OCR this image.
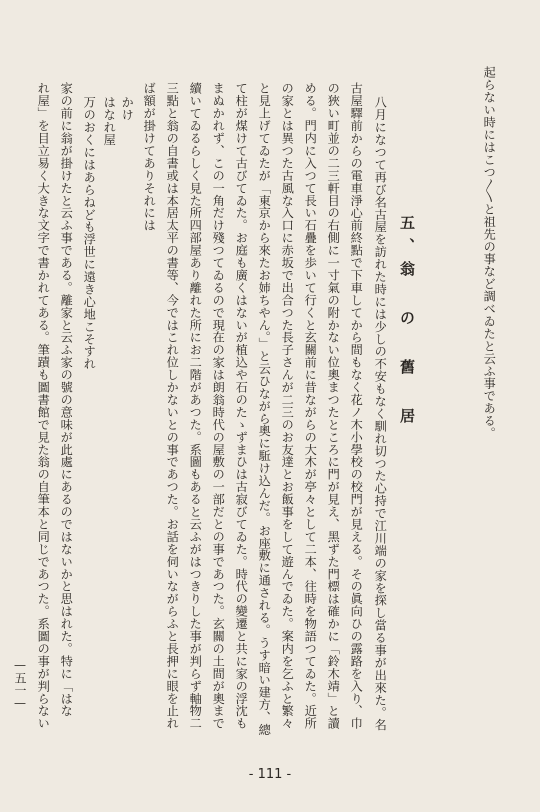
起らない時にはこつ〳〵と祖先の事など調べゐたと云ふ事である。
五、翁 の 舊 居
八月になつて再び名古屋を訪れた時には少しの不安もなく馴れ切つた心持で江川端の家を探し當る事が出來た。名
古屋驛前からの電車淨心前終點で下車してから間もなく花ノ木小學校の校門が見える。その眞向ひの露路を入り、巾
の狹い町並の二三軒目の右側に一寸氣の附かない位奧まつたところに門が見え、黑ずた門標は確かに「鈴木靖」と讀
める。門内に入つて長い石疊を歩いて行くと玄關前に昔ながらの大木が亭々として二本、往時を物語つてゐた。近所
の家とは異つた古風な入口に赤坂で出合つた長子さんが二三のお友達とお飯事をして遊んでゐた。案内を乞ふと繁々
と見上げてゐたが「東京から來たお姉ちやん。」と云ひながら奧に駈け込んだ。お座敷に通される。うす暗い建方、總
て柱が煤けて古びてゐた。お庭も廣くはないが植込や石のたゝずまひは古寂びてゐた。時代の變遷と共に家の浮沈も
まぬかれず、この一角だけ殘つてゐるので現在の家は朗翁時代の屋敷の一部だとの事であつた。玄關の土間が奧まで
續いてゐるらしく見た所四部屋あり離れた所にお二階があつた。系圖もあると云ふがはつきりした事が判らず軸物二
三點と翁の自書或は本居太平の書等、今ではこれ位しかないとの事であつた。お話を伺いながらふと長押に眼を止れ
ば額が掛けてありそれには
かけ
はなれ屋
万のおくにはあらねども浮世に遠き心地こそすれ
家の前に翁が掛けたと云ふ事である。離家と云ふ家の號の意味が此處にあるのではないかと思はれた。特に「はな
れ屋」を目立易く大きな文字で書かれてある。筆蹟も圖書館で見た翁の自筆本と同じであつた。系圖の事が判らない
—五一—
- 111 -
